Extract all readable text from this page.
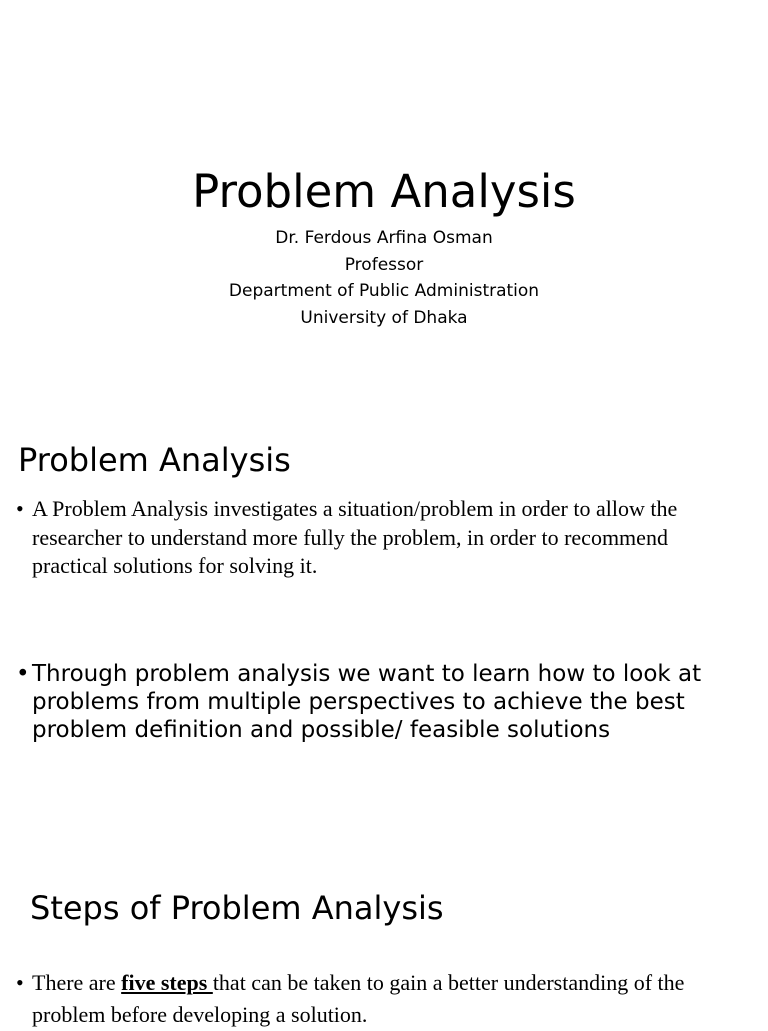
Problem Analysis
Dr. Ferdous Arfina Osman
Professor
Department of Public Administration
University of Dhaka
Problem Analysis
• A Problem Analysis investigates a situation/problem in order to allow the researcher to understand more fully the problem, in order to recommend practical solutions for solving it.
• Through problem analysis we want to learn how to look at problems from multiple perspectives to achieve the best problem definition and possible/ feasible solutions
Steps of Problem Analysis
• There are five steps that can be taken to gain a better understanding of the problem before developing a solution.
